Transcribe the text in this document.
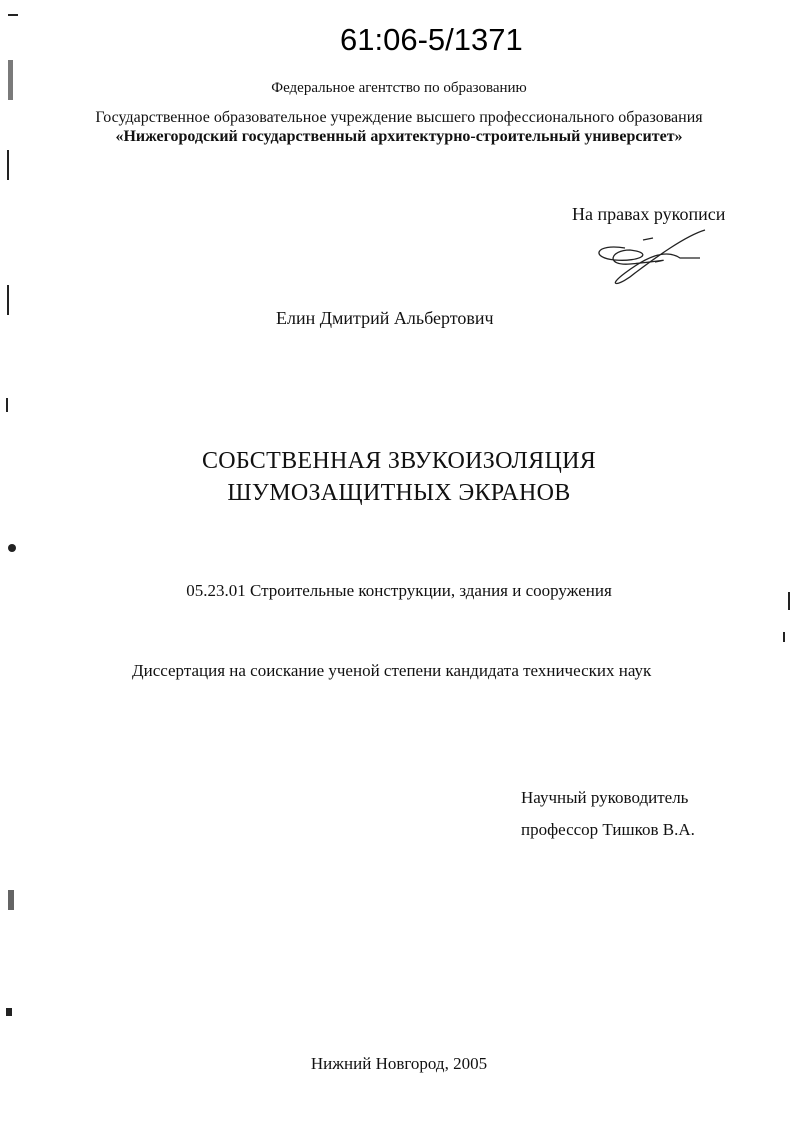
61:06-5/1371
Федеральное агентство по образованию
Государственное образовательное учреждение высшего профессионального образования
«Нижегородский государственный архитектурно-строительный университет»
На правах рукописи
Елин Дмитрий Альбертович
СОБСТВЕННАЯ ЗВУКОИЗОЛЯЦИЯ
ШУМОЗАЩИТНЫХ ЭКРАНОВ
05.23.01 Строительные конструкции, здания и сооружения
Диссертация на соискание ученой степени кандидата технических наук
Научный руководитель
профессор Тишков В.А.
Нижний Новгород, 2005
